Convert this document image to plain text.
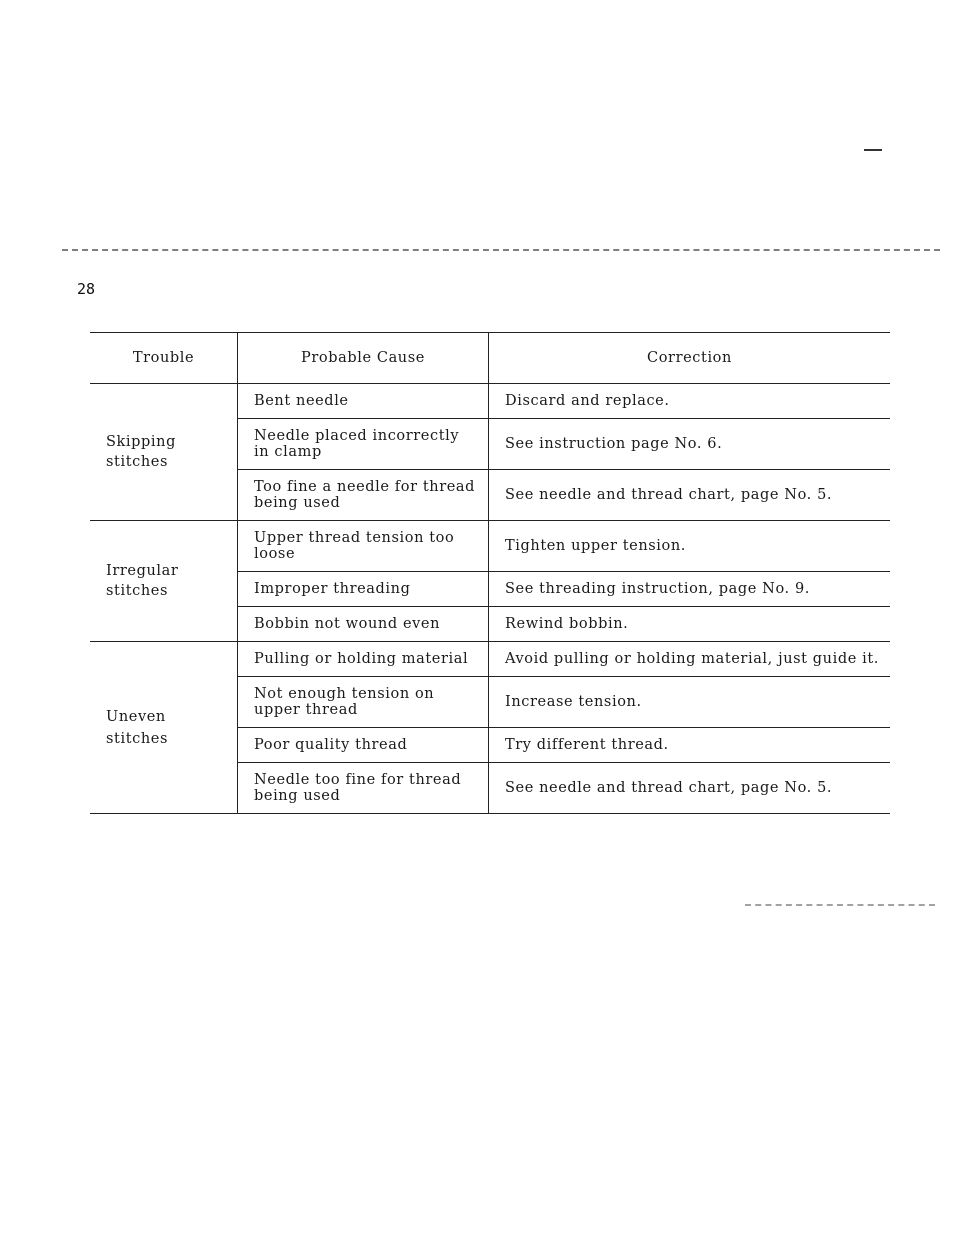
28
Trouble	Probable Cause	Correction

Skipping
stitches	Bent needle	Discard and replace.

	Needle placed incorrectly
in clamp	See instruction page No. 6.

	Too fine a needle for thread
being used	See needle and thread chart, page No. 5.

Irregular
stitches	Upper thread tension too
loose	Tighten upper tension.

	Improper threading	See threading instruction, page No. 9.

	Bobbin not wound even	Rewind bobbin.

Uneven
stitches	Pulling or holding material	Avoid pulling or holding material, just guide it.

	Not enough tension on
upper thread	Increase tension.

	Poor quality thread	Try different thread.

	Needle too fine for thread
being used	See needle and thread chart, page No. 5.
